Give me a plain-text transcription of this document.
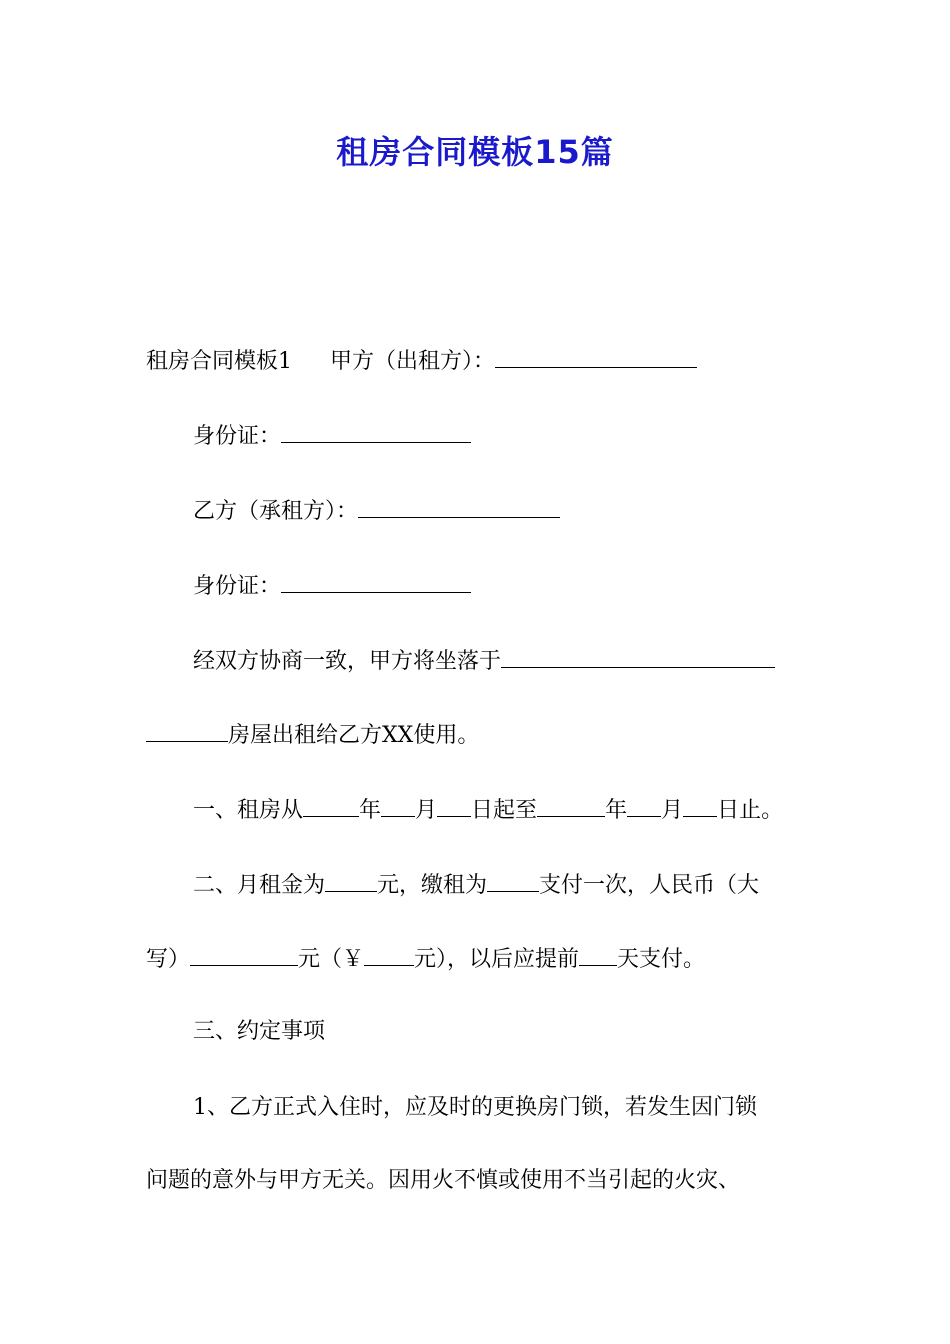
租房合同模板15篇
租房合同模板1 甲方（出租方）：
身份证：
乙方（承租方）：
身份证：
经双方协商一致，甲方将坐落于
房屋出租给乙方XX使用。
一、租房从	年 月 日起至	年 月 日止。
二、月租金为 元，缴租为 支付一次，人民币（大
写）	元（￥ 元），以后应提前 天支付。
三、约定事项
1、乙方正式入住时，应及时的更换房门锁，若发生因门锁
问题的意外与甲方无关。因用火不慎或使用不当引起的火灾、
